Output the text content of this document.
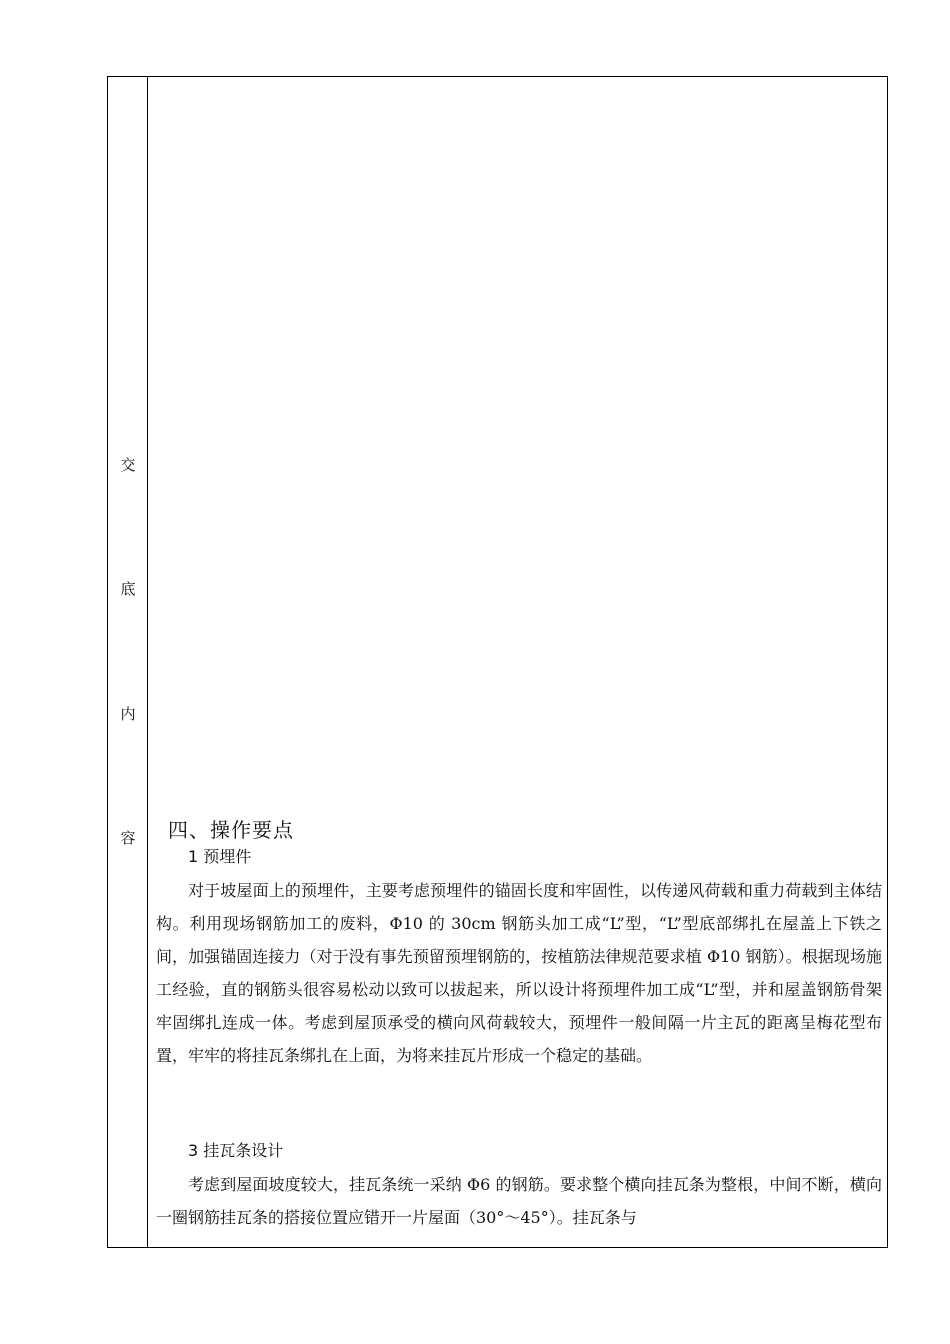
交
底
内
容	四、操作要点
1 预埋件
对于坡屋面上的预埋件，主要考虑预埋件的锚固长度和牢固性，以传递风荷载和重力荷载到主体结构。利用现场钢筋加工的废料，Φ10 的 30cm 钢筋头加工成“L”型，“L”型底部绑扎在屋盖上下铁之间，加强锚固连接力（对于没有事先预留预埋钢筋的，按植筋法律规范要求植 Φ10 钢筋）。根据现场施工经验，直的钢筋头很容易松动以致可以拔起来，所以设计将预埋件加工成“L”型，并和屋盖钢筋骨架牢固绑扎连成一体。考虑到屋顶承受的横向风荷载较大，预埋件一般间隔一片主瓦的距离呈梅花型布置，牢牢的将挂瓦条绑扎在上面，为将来挂瓦片形成一个稳定的基础。
3 挂瓦条设计
考虑到屋面坡度较大，挂瓦条统一采纳 Φ6 的钢筋。要求整个横向挂瓦条为整根，中间不断，横向一圈钢筋挂瓦条的搭接位置应错开一片屋面（30°～45°）。挂瓦条与
